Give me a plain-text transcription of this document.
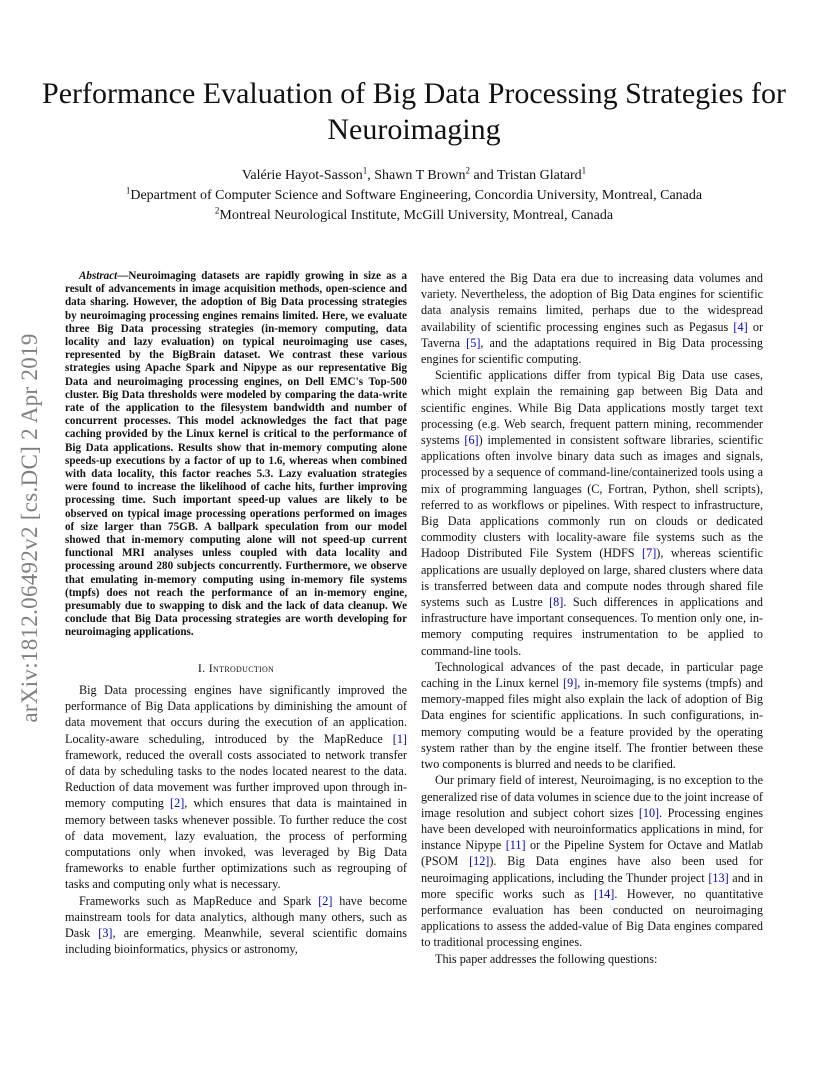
Performance Evaluation of Big Data Processing Strategies for Neuroimaging
Valérie Hayot-Sasson$^1$, Shawn T Brown$^2$ and Tristan Glatard$^1$
$^1$Department of Computer Science and Software Engineering, Concordia University, Montreal, Canada
$^2$Montreal Neurological Institute, McGill University, Montreal, Canada
arXiv:1812.06492v2 [cs.DC] 2 Apr 2019

Abstract—Neuroimaging datasets are rapidly growing in size as a result of advancements in image acquisition methods, open-science and data sharing. However, the adoption of Big Data processing strategies by neuroimaging processing engines remains limited. Here, we evaluate three Big Data processing strategies (in-memory computing, data locality and lazy evaluation) on typical neuroimaging use cases, represented by the BigBrain dataset. We contrast these various strategies using Apache Spark and Nipype as our representative Big Data and neuroimaging processing engines, on Dell EMC's Top-500 cluster. Big Data thresholds were modeled by comparing the data-write rate of the application to the filesystem bandwidth and number of concurrent processes. This model acknowledges the fact that page caching provided by the Linux kernel is critical to the performance of Big Data applications. Results show that in-memory computing alone speeds-up executions by a factor of up to 1.6, whereas when combined with data locality, this factor reaches 5.3. Lazy evaluation strategies were found to increase the likelihood of cache hits, further improving processing time. Such important speed-up values are likely to be observed on typical image processing operations performed on images of size larger than 75GB. A ballpark speculation from our model showed that in-memory computing alone will not speed-up current functional MRI analyses unless coupled with data locality and processing around 280 subjects concurrently. Furthermore, we observe that emulating in-memory computing using in-memory file systems (tmpfs) does not reach the performance of an in-memory engine, presumably due to swapping to disk and the lack of data cleanup. We conclude that Big Data processing strategies are worth developing for neuroimaging applications.

I. Introduction

Big Data processing engines have significantly improved the performance of Big Data applications by diminishing the amount of data movement that occurs during the execution of an application. Locality-aware scheduling, introduced by the MapReduce [1] framework, reduced the overall costs associated to network transfer of data by scheduling tasks to the nodes located nearest to the data. Reduction of data movement was further improved upon through in-memory computing [2], which ensures that data is maintained in memory between tasks whenever possible. To further reduce the cost of data movement, lazy evaluation, the process of performing computations only when invoked, was leveraged by Big Data frameworks to enable further optimizations such as regrouping of tasks and computing only what is necessary.

Frameworks such as MapReduce and Spark [2] have become mainstream tools for data analytics, although many others, such as Dask [3], are emerging. Meanwhile, several scientific domains including bioinformatics, physics or astronomy,

have entered the Big Data era due to increasing data volumes and variety. Nevertheless, the adoption of Big Data engines for scientific data analysis remains limited, perhaps due to the widespread availability of scientific processing engines such as Pegasus [4] or Taverna [5], and the adaptations required in Big Data processing engines for scientific computing.

Scientific applications differ from typical Big Data use cases, which might explain the remaining gap between Big Data and scientific engines. While Big Data applications mostly target text processing (e.g. Web search, frequent pattern mining, recommender systems [6]) implemented in consistent software libraries, scientific applications often involve binary data such as images and signals, processed by a sequence of command-line/containerized tools using a mix of programming languages (C, Fortran, Python, shell scripts), referred to as workflows or pipelines. With respect to infrastructure, Big Data applications commonly run on clouds or dedicated commodity clusters with locality-aware file systems such as the Hadoop Distributed File System (HDFS [7]), whereas scientific applications are usually deployed on large, shared clusters where data is transferred between data and compute nodes through shared file systems such as Lustre [8]. Such differences in applications and infrastructure have important consequences. To mention only one, in-memory computing requires instrumentation to be applied to command-line tools.

Technological advances of the past decade, in particular page caching in the Linux kernel [9], in-memory file systems (tmpfs) and memory-mapped files might also explain the lack of adoption of Big Data engines for scientific applications. In such configurations, in-memory computing would be a feature provided by the operating system rather than by the engine itself. The frontier between these two components is blurred and needs to be clarified.

Our primary field of interest, Neuroimaging, is no exception to the generalized rise of data volumes in science due to the joint increase of image resolution and subject cohort sizes [10]. Processing engines have been developed with neuroinformatics applications in mind, for instance Nipype [11] or the Pipeline System for Octave and Matlab (PSOM [12]). Big Data engines have also been used for neuroimaging applications, including the Thunder project [13] and in more specific works such as [14]. However, no quantitative performance evaluation has been conducted on neuroimaging applications to assess the added-value of Big Data engines compared to traditional processing engines.

This paper addresses the following questions:
